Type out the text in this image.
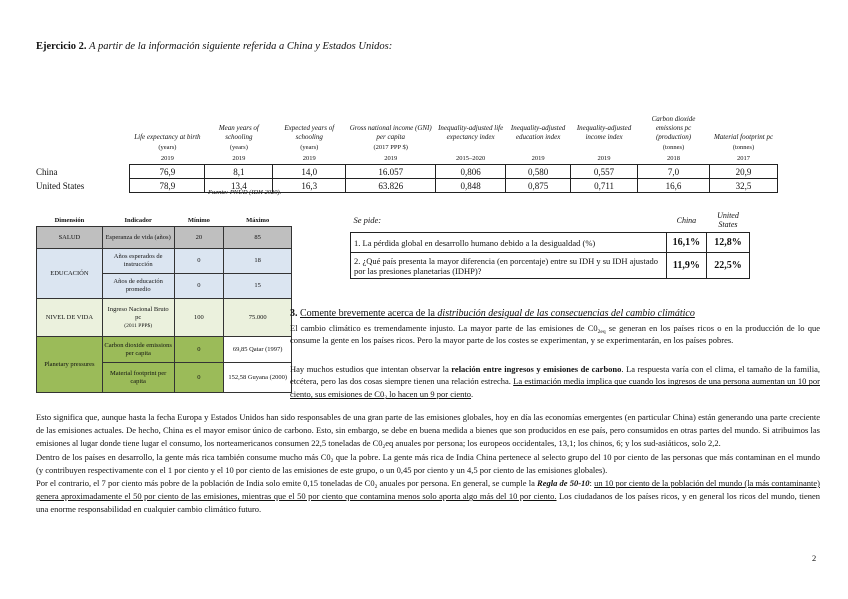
Ejercicio 2. A partir de la información siguiente referida a China y Estados Unidos:
	Life expectancy at birth	Mean years of schooling	Expected years of schooling	Gross national income (GNI) per capita	Inequality-adjusted life expectancy index	Inequality-adjusted education index	Inequality-adjusted income index	Carbon dioxide emissions pc (production)	Material footprint pc
	(years)	(years)	(years)	(2017 PPP $)				(tonnes)	(tonnes)
	2019	2019	2019	2019	2015–2020	2019	2019	2018	2017
China	76,9	8,1	14,0	16.057	0,806	0,580	0,557	7,0	20,9
United States	78,9	13,4	16,3	63.826	0,848	0,875	0,711	16,6	32,5
Fuente: PNUD (IDH 2020).
Dimensión	Indicador	Mínimo	Máximo
SALUD	Esperanza de vida (años)	20	85
EDUCACIÓN	Años esperados de instrucción	0	18
	Años de educación promedio	0	15
NIVEL DE VIDA	Ingreso Nacional Bruto pc
(2011 PPP$)	100	75.000
Planetary pressures	Carbon dioxide emissions per capita	0	69,85 Qatar (1997)
	Material footprint per capita	0	152,58 Guyana (2000)
Se pide:	China	United States
1. La pérdida global en desarrollo humano debido a la desigualdad (%)	16,1%	12,8%
2. ¿Qué país presenta la mayor diferencia (en porcentaje) entre su IDH y su IDH ajustado por las presiones planetarias (IDHP)?	11,9%	22,5%
3. Comente brevemente acerca de la distribución desigual de las consecuencias del cambio climático
El cambio climático es tremendamente injusto. La mayor parte de las emisiones de $C0_{2eq}$ se generan en los países ricos o en la producción de lo que consume la gente en los países ricos. Pero la mayor parte de los costes se experimentan, y se experimentarán, en los países pobres.
Hay muchos estudios que intentan observar la relación entre ingresos y emisiones de carbono. La respuesta varía con el clima, el tamaño de la familia, etcétera, pero las dos cosas siempre tienen una relación estrecha. La estimación media implica que cuando los ingresos de una persona aumentan un 10 por ciento, sus emisiones de $C0_2$ lo hacen un 9 por ciento.

Esto significa que, aunque hasta la fecha Europa y Estados Unidos han sido responsables de una gran parte de las emisiones globales, hoy en día las economías emergentes (en particular China) están generando una parte creciente de las emisiones actuales. De hecho, China es el mayor emisor único de carbono. Esto, sin embargo, se debe en buena medida a bienes que son producidos en ese país, pero consumidos en otras partes del mundo. Si atribuimos las emisiones al lugar donde tiene lugar el consumo, los norteamericanos consumen 22,5 toneladas de $C0_2eq$ anuales por persona; los europeos occidentales, 13,1; los chinos, 6; y los sud-asiáticos, solo 2,2.

Dentro de los países en desarrollo, la gente más rica también consume mucho más $C0_2$ que la pobre. La gente más rica de India China pertenece al selecto grupo del 10 por ciento de las personas que más contaminan en el mundo (y contribuyen respectivamente con el 1 por ciento y el 10 por ciento de las emisiones de este grupo, o un 0,45 por ciento y un 4,5 por ciento de las emisiones globales).

Por el contrario, el 7 por ciento más pobre de la población de India solo emite 0,15 toneladas de $C0_2$ anuales por persona. En general, se cumple la Regla de 50-10: un 10 por ciento de la población del mundo (la más contaminante) genera aproximadamente el 50 por ciento de las emisiones, mientras que el 50 por ciento que contamina menos solo aporta algo más del 10 por ciento. Los ciudadanos de los países ricos, y en general los ricos del mundo, tienen una enorme responsabilidad en cualquier cambio climático futuro.

2
